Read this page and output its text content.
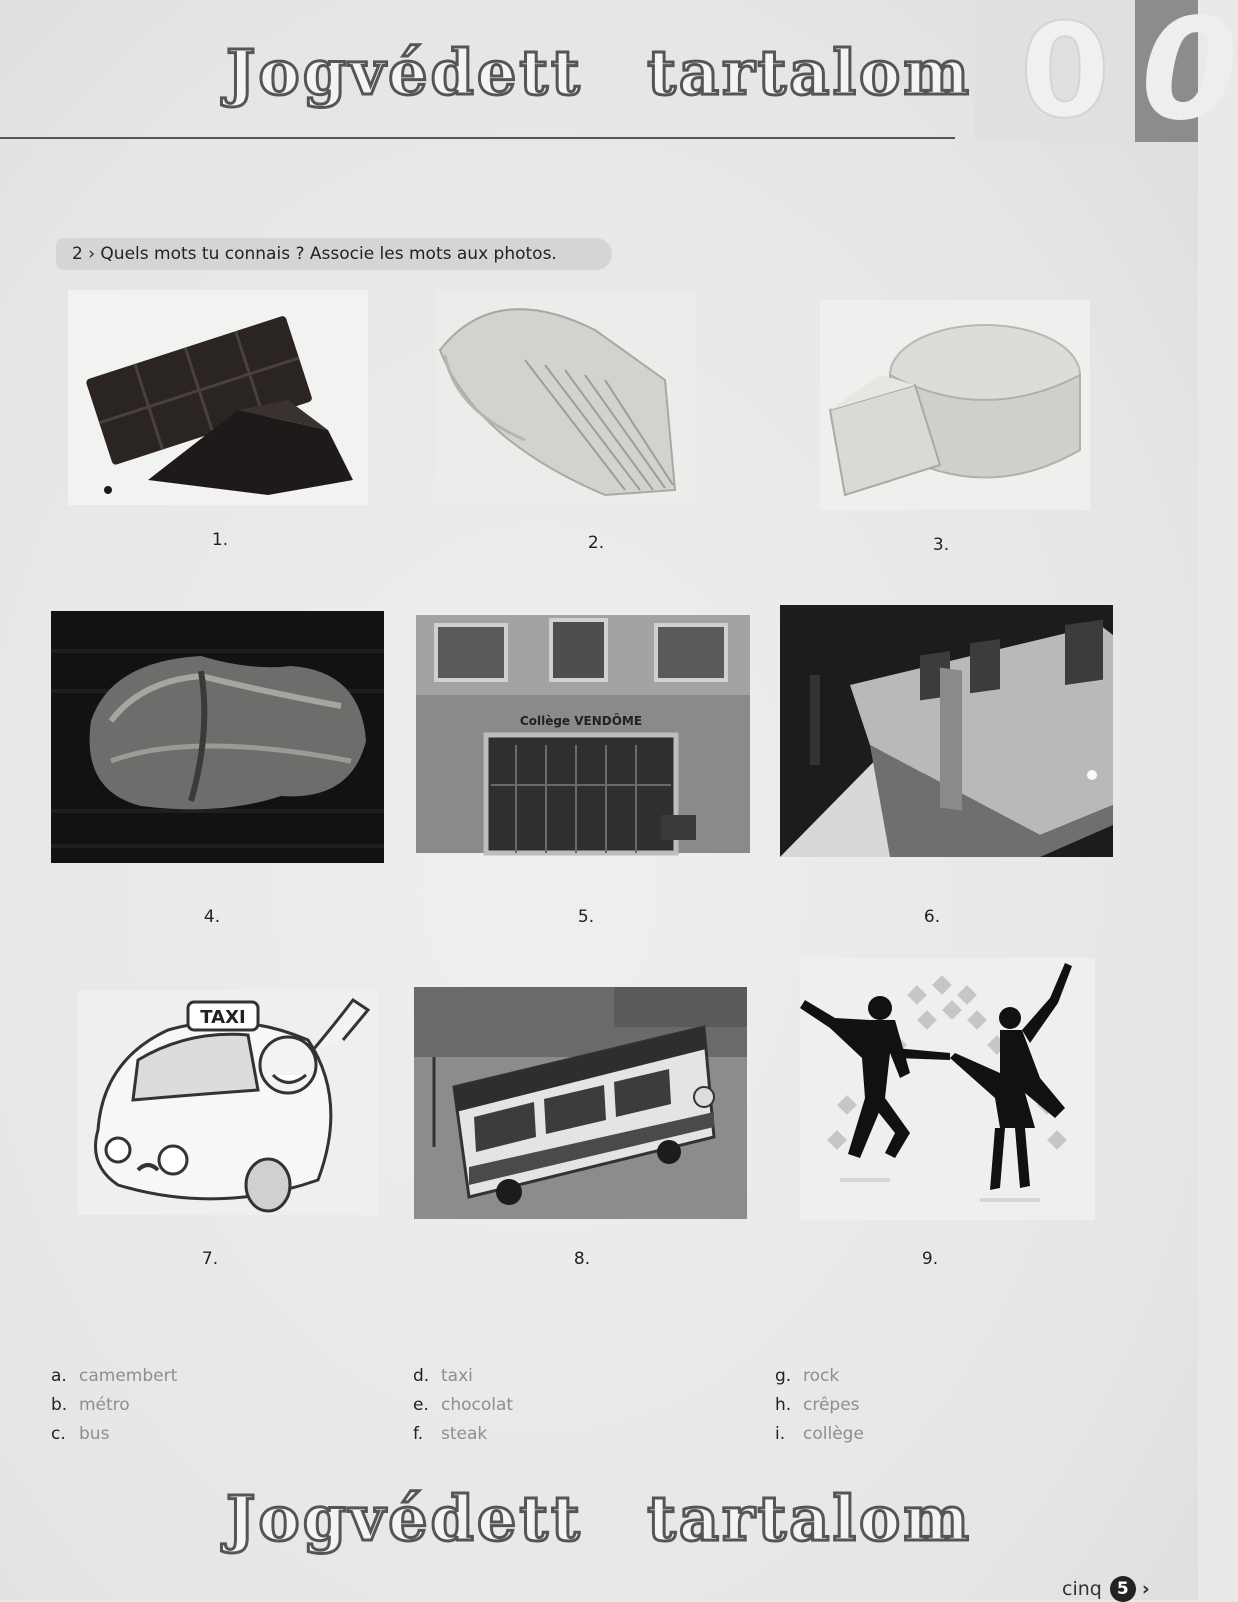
Jogvédett tartalom 0 0
2 › Quels mots tu connais ? Associe les mots aux photos.
1.	2.	3.
4.
Collège VENDÔME
5.	6.
TAXI
7.	8.	9.
a. camembert
b. métro
c. bus
d. taxi
e. chocolat
f. steak
g. rock
h. crêpes
i. collège
Jogvédett tartalom
cinq 5 ›
